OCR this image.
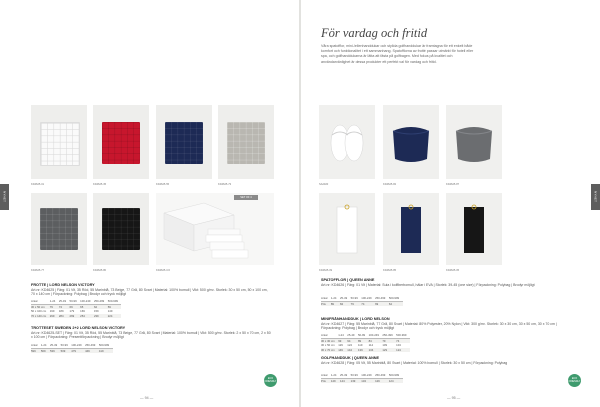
NYHET
KD4625-01	KD4625-35	KD4625-55	KD4625-73
KD4625-77	KD4625-80
SET OF 4
KD4625-CO
FROTTE | LORD NELSON VICTORY
Art.nr: KD4625 | Färg: 01 Vit, 35 Röd, 55 Marinblå, 73 Beige, 77 Grå, 80 Svart | Material: 100% bomull | Vikt: 500 g/m². Storlek: 30 x 50 cm, 50 x 100 cm, 70 x 140 cm | Förpackning: Polybag | Brodyr och tryck möjligt
Antal	1-24	25-49	50-99	100-249	250-499	500-999
30 x 50 cm	79	74	69	65	62	59
50 x 100 cm	199	189	179	169	159	149
70 x 140 cm	299	284	269	254	239	224
TROTTESET SWEDEN 2+2 LORD NELSON VICTORY
Art.nr: KD4625-SET | Färg: 01 Vit, 35 Röd, 55 Marinblå, 73 Beige, 77 Grå, 80 Svart | Material: 100% bomull | Vikt: 500 g/m². Storlek: 2 x 50 x 70 cm, 2 x 50 x 100 cm | Förpackning: Presentförpackning | Brodyr möjligt
Antal	1-24	25-49	50-99	100-249	250-499	500-999
599	569	539	509	479	449	419
ECO FRIENDLY
— 94 —
NYHET
För vardag och fritid
Våra spatofflor, mini-/ellenhanddukar och stylida golfhanddukar är framtagna för ett enkelt både komfort och funktionalitet i ett sammanhang. Spatofflorna av frotté passar utmärkt för hotell eller spa, och golfhanddukarna är lätta att fästa på golfbagen. Med fokus på kvalitet och användarvänlighet är dessa produkter ett perfekt val för vardag och fritid.
SA2020	KD4625-82	KD4625-87
KD4625-09	KD4625-85	KD4625-05
SPATOFFLOR | QUEEN ANNE
Art.nr: KD4626 | Färg: 01 Vit | Material: Sula i kolfiberbomull, hälar i EVA | Storlek: 39-45 (one size) | Förpackning: Polybag | Brodyr möjligt
Antal	1-24	25-49	50-99	100-249	250-499	500-999
Pris	89	84	79	74	69	64
MINIFRÄNHANDDUK | LORD NELSON
Art.nr: KD4627 | Färg: 55 Marinblå, 77 Grå, 80 Svart | Material: 80% Polyester, 20% Nylon | Vikt: 300 g/m². Storlek: 30 x 30 cm, 30 x 50 cm, 30 x 70 cm | Förpackning: Polybag | Brodyr och tryck möjligt
Antal	1-24	25-49	50-99	100-249	250-499	500-999
30 x 30 cm	99	94	89	84	79	74
30 x 50 cm	129	124	119	114	109	104
30 x 70 cm	149	144	139	134	129	124
GOLFHANDDUK | QUEEN ANNE
Art.nr: KD4628 | Färg: 05 Vit, 55 Marinblå, 80 Svart | Material: 100% bomull | Storlek: 30 x 50 cm | Förpackning: Polybag
Antal	1-24	25-49	50-99	100-249	250-499	500-999
Pris	149	144	139	134	129	124
ECO FRIENDLY
— 95 —
